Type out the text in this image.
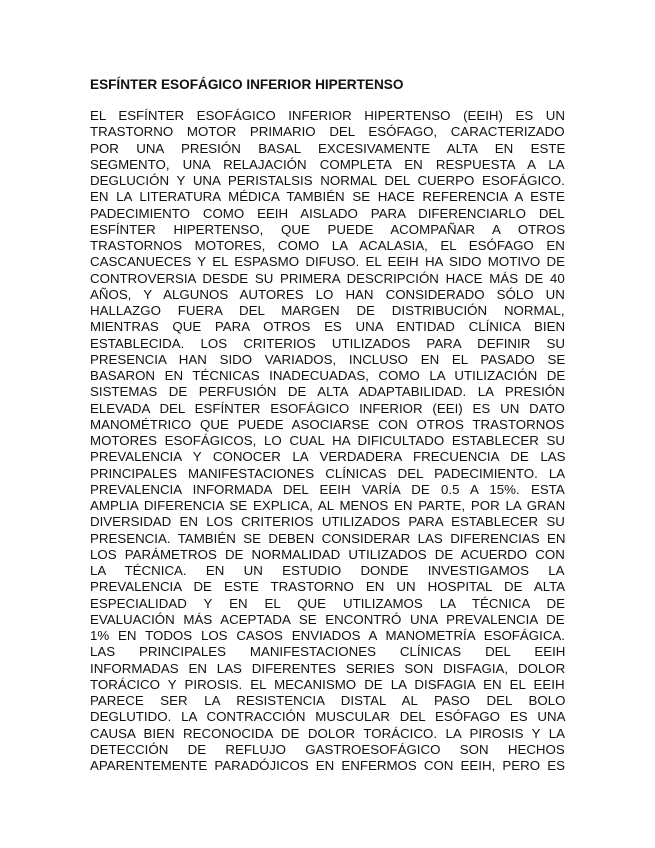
ESFÍNTER ESOFÁGICO INFERIOR HIPERTENSO
EL ESFÍNTER ESOFÁGICO INFERIOR HIPERTENSO (EEIH) ES UN
TRASTORNO MOTOR PRIMARIO DEL ESÓFAGO, CARACTERIZADO
POR UNA PRESIÓN BASAL EXCESIVAMENTE ALTA EN ESTE
SEGMENTO, UNA RELAJACIÓN COMPLETA EN RESPUESTA A LA
DEGLUCIÓN Y UNA PERISTALSIS NORMAL DEL CUERPO ESOFÁGICO.
EN LA LITERATURA MÉDICA TAMBIÉN SE HACE REFERENCIA A ESTE
PADECIMIENTO COMO EEIH AISLADO PARA DIFERENCIARLO DEL
ESFÍNTER HIPERTENSO, QUE PUEDE ACOMPAÑAR A OTROS
TRASTORNOS MOTORES, COMO LA ACALASIA, EL ESÓFAGO EN
CASCANUECES Y EL ESPASMO DIFUSO. EL EEIH HA SIDO MOTIVO DE
CONTROVERSIA DESDE SU PRIMERA DESCRIPCIÓN HACE MÁS DE 40
AÑOS, Y ALGUNOS AUTORES LO HAN CONSIDERADO SÓLO UN
HALLAZGO FUERA DEL MARGEN DE DISTRIBUCIÓN NORMAL,
MIENTRAS QUE PARA OTROS ES UNA ENTIDAD CLÍNICA BIEN
ESTABLECIDA. LOS CRITERIOS UTILIZADOS PARA DEFINIR SU
PRESENCIA HAN SIDO VARIADOS, INCLUSO EN EL PASADO SE
BASARON EN TÉCNICAS INADECUADAS, COMO LA UTILIZACIÓN DE
SISTEMAS DE PERFUSIÓN DE ALTA ADAPTABILIDAD. LA PRESIÓN
ELEVADA DEL ESFÍNTER ESOFÁGICO INFERIOR (EEI) ES UN DATO
MANOMÉTRICO QUE PUEDE ASOCIARSE CON OTROS TRASTORNOS
MOTORES ESOFÁGICOS, LO CUAL HA DIFICULTADO ESTABLECER SU
PREVALENCIA Y CONOCER LA VERDADERA FRECUENCIA DE LAS
PRINCIPALES MANIFESTACIONES CLÍNICAS DEL PADECIMIENTO. LA
PREVALENCIA INFORMADA DEL EEIH VARÍA DE 0.5 A 15%. ESTA
AMPLIA DIFERENCIA SE EXPLICA, AL MENOS EN PARTE, POR LA GRAN
DIVERSIDAD EN LOS CRITERIOS UTILIZADOS PARA ESTABLECER SU
PRESENCIA. TAMBIÉN SE DEBEN CONSIDERAR LAS DIFERENCIAS EN
LOS PARÁMETROS DE NORMALIDAD UTILIZADOS DE ACUERDO CON
LA TÉCNICA. EN UN ESTUDIO DONDE INVESTIGAMOS LA
PREVALENCIA DE ESTE TRASTORNO EN UN HOSPITAL DE ALTA
ESPECIALIDAD Y EN EL QUE UTILIZAMOS LA TÉCNICA DE
EVALUACIÓN MÁS ACEPTADA SE ENCONTRÓ UNA PREVALENCIA DE
1% EN TODOS LOS CASOS ENVIADOS A MANOMETRÍA ESOFÁGICA.
LAS PRINCIPALES MANIFESTACIONES CLÍNICAS DEL EEIH
INFORMADAS EN LAS DIFERENTES SERIES SON DISFAGIA, DOLOR
TORÁCICO Y PIROSIS. EL MECANISMO DE LA DISFAGIA EN EL EEIH
PARECE SER LA RESISTENCIA DISTAL AL PASO DEL BOLO
DEGLUTIDO. LA CONTRACCIÓN MUSCULAR DEL ESÓFAGO ES UNA
CAUSA BIEN RECONOCIDA DE DOLOR TORÁCICO. LA PIROSIS Y LA
DETECCIÓN DE REFLUJO GASTROESOFÁGICO SON HECHOS
APARENTEMENTE PARADÓJICOS EN ENFERMOS CON EEIH, PERO ES
